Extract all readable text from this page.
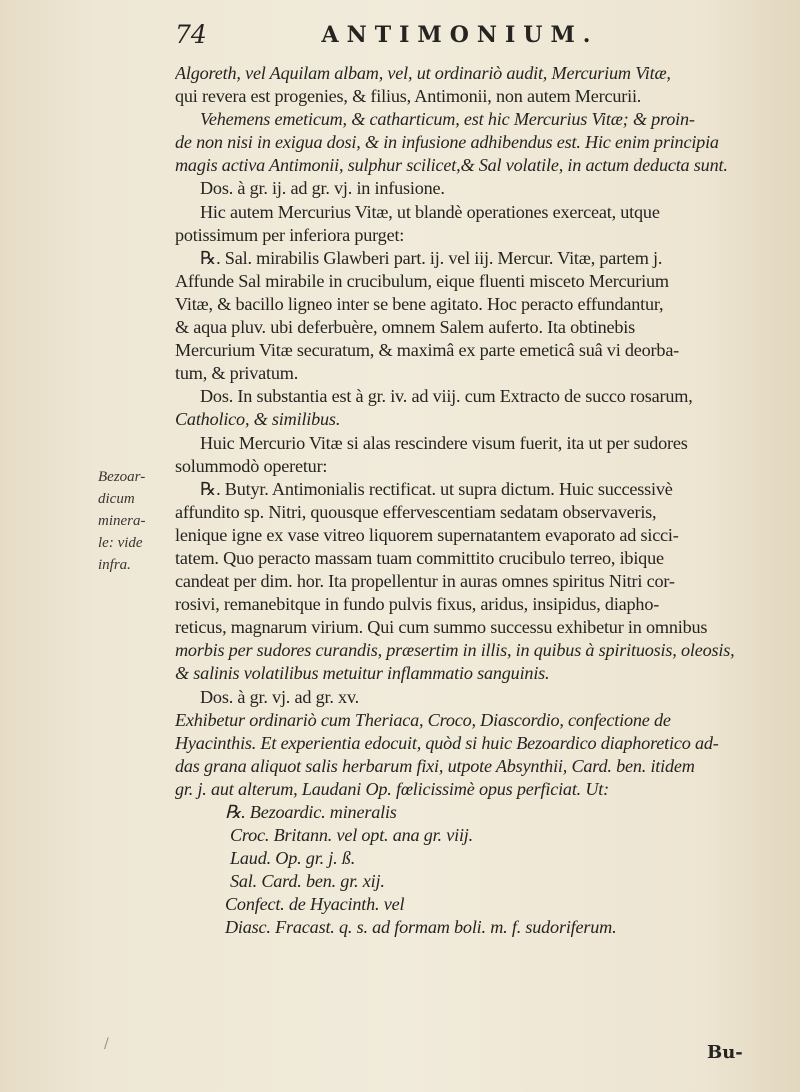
74	ANTIMONIUM.
Algoreth, vel Aquilam albam, vel, ut ordinariò audit, Mercurium Vitæ,
qui revera est progenies, & filius, Antimonii, non autem Mercurii.
Vehemens emeticum, & catharticum, est hic Mercurius Vitæ; & proin-
de non nisi in exigua dosi, & in infusione adhibendus est. Hic enim principia
magis activa Antimonii, sulphur scilicet,& Sal volatile, in actum deducta sunt.
Dos. à gr. ij. ad gr. vj. in infusione.
Hic autem Mercurius Vitæ, ut blandè operationes exerceat, utque
potissimum per inferiora purget:
℞. Sal. mirabilis Glawberi part. ij. vel iij. Mercur. Vitæ, partem j.
Affunde Sal mirabile in crucibulum, eique fluenti misceto Mercurium
Vitæ, & bacillo ligneo inter se bene agitato. Hoc peracto effundantur,
& aqua pluv. ubi deferbuère, omnem Salem auferto. Ita obtinebis
Mercurium Vitæ securatum, & maximâ ex parte emeticâ suâ vi deorba-
tum, & privatum.
Dos. In substantia est à gr. iv. ad viij. cum Extracto de succo rosarum,
Catholico, & similibus.
Huic Mercurio Vitæ si alas rescindere visum fuerit, ita ut per sudores
solummodò operetur:
℞. Butyr. Antimonialis rectificat. ut supra dictum. Huic successivè
affundito sp. Nitri, quousque effervescentiam sedatam observaveris,
lenique igne ex vase vitreo liquorem supernatantem evaporato ad sicci-
tatem. Quo peracto massam tuam committito crucibulo terreo, ibique
candeat per dim. hor. Ita propellentur in auras omnes spiritus Nitri cor-
rosivi, remanebitque in fundo pulvis fixus, aridus, insipidus, diapho-
reticus, magnarum virium. Qui cum summo successu exhibetur in omnibus
morbis per sudores curandis, præsertim in illis, in quibus à spirituosis, oleosis,
& salinis volatilibus metuitur inflammatio sanguinis.
Dos. à gr. vj. ad gr. xv.
Exhibetur ordinariò cum Theriaca, Croco, Diascordio, confectione de
Hyacinthis. Et experientia edocuit, quòd si huic Bezoardico diaphoretico ad-
das grana aliquot salis herbarum fixi, utpote Absynthii, Card. ben. itidem
gr. j. aut alterum, Laudani Op. fœlicissimè opus perficiat. Ut:
℞. Bezoardic. mineralis
Croc. Britann. vel opt. ana gr. viij.
Laud. Op. gr. j. ß.
Sal. Card. ben. gr. xij.
Confect. de Hyacinth. vel
Diasc. Fracast. q. s. ad formam boli. m. f. sudoriferum.
Bezoar-
dicum
minera-
le: vide
infra.
Bu-
/
